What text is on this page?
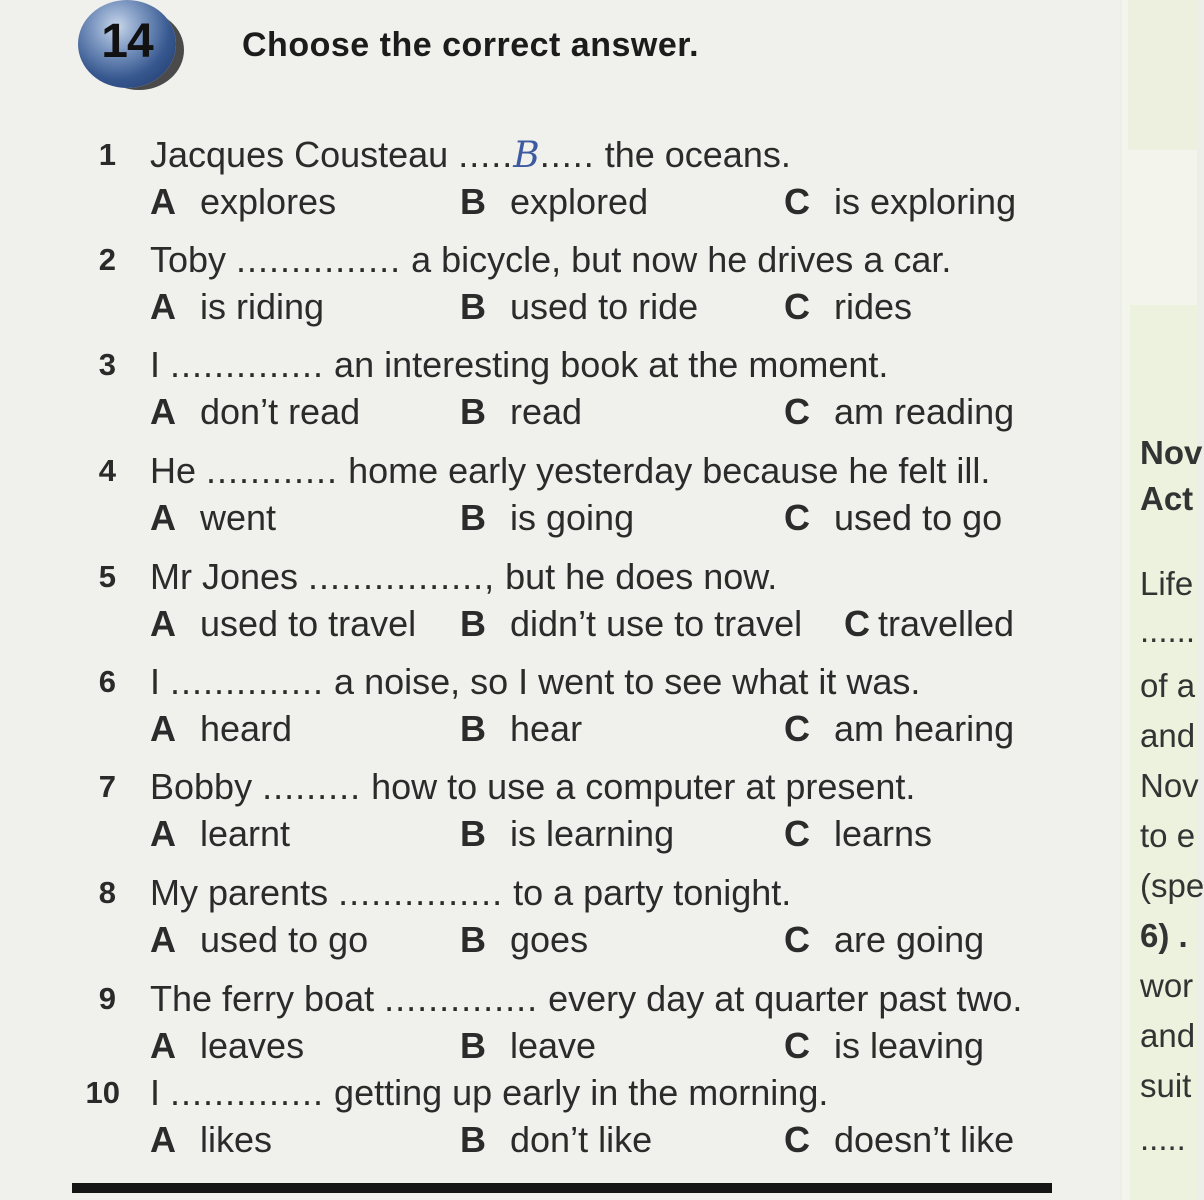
14	Choose the correct answer.
1 Jacques Cousteau .....B..... the oceans.
A explores	B explored	C is exploring
2 Toby ............... a bicycle, but now he drives a car.
A is riding	B used to ride C rides
3 I .............. an interesting book at the moment.
A don’t read	B read	C am reading
4 He ............ home early yesterday because he felt ill.
A went	B is going	C used to go
5 Mr Jones ................, but he does now.
A used to travel B didn’t use to travel C travelled
6 I .............. a noise, so I went to see what it was.
A heard	B hear	C am hearing
7 Bobby ......... how to use a computer at present.
A learnt	B is learning	C learns
8 My parents ............... to a party tonight.
A used to go	B goes	C are going
9 The ferry boat .............. every day at quarter past two.
A leaves	B leave	C is leaving
10 I .............. getting up early in the morning.
A likes	B don’t like	C doesn’t like
Nov
Act
Life
......
of a
and
Nov
to e
(spe
6) .
wor
and
suit
.....
